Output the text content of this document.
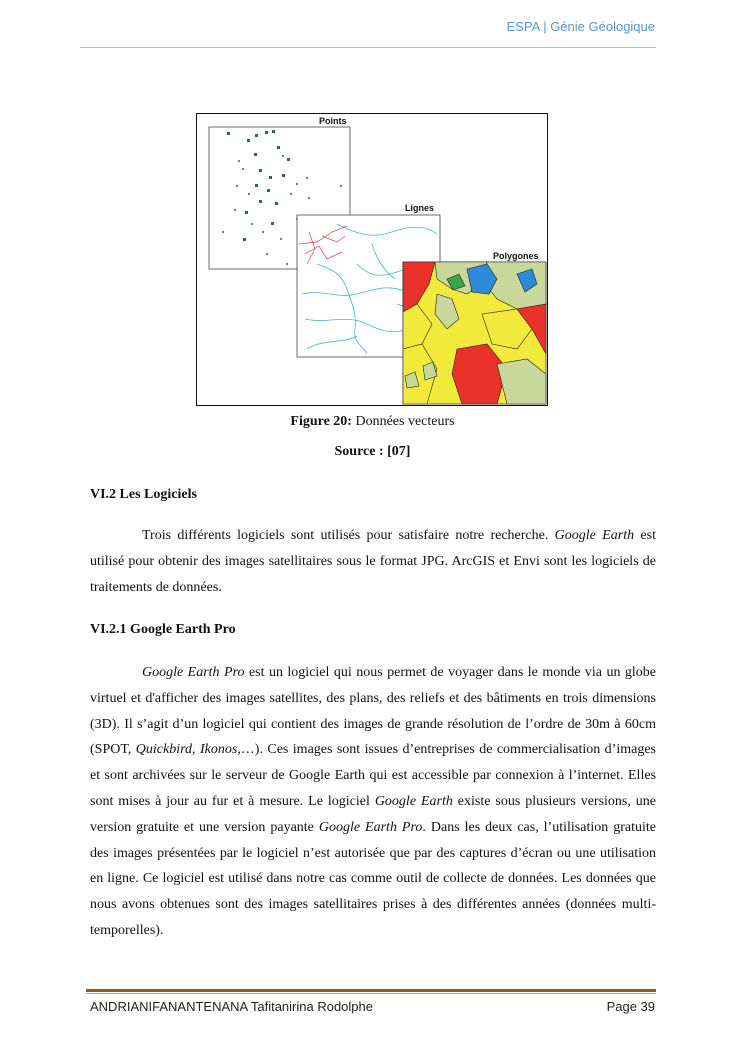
ESPA | Génie Géologique
Points
Lignes
Polygones
Figure 20: Données vecteurs
Source : [07]
VI.2 Les Logiciels
Trois différents logiciels sont utilisés pour satisfaire notre recherche. Google Earth est utilisé pour obtenir des images satellitaires sous le format JPG. ArcGIS et Envi sont les logiciels de traitements de données.
VI.2.1 Google Earth Pro
Google Earth Pro est un logiciel qui nous permet de voyager dans le monde via un globe virtuel et d'afficher des images satellites, des plans, des reliefs et des bâtiments en trois dimensions (3D). Il s’agit d’un logiciel qui contient des images de grande résolution de l’ordre de 30m à 60cm (SPOT, Quickbird, Ikonos,…). Ces images sont issues d’entreprises de commercialisation d’images et sont archivées sur le serveur de Google Earth qui est accessible par connexion à l’internet. Elles sont mises à jour au fur et à mesure. Le logiciel Google Earth existe sous plusieurs versions, une version gratuite et une version payante Google Earth Pro. Dans les deux cas, l’utilisation gratuite des images présentées par le logiciel n’est autorisée que par des captures d’écran ou une utilisation en ligne. Ce logiciel est utilisé dans notre cas comme outil de collecte de données. Les données que nous avons obtenues sont des images satellitaires prises à des différentes années (données multi-temporelles).
ANDRIANIFANANTENANA Tafitanirina Rodolphe	Page 39
